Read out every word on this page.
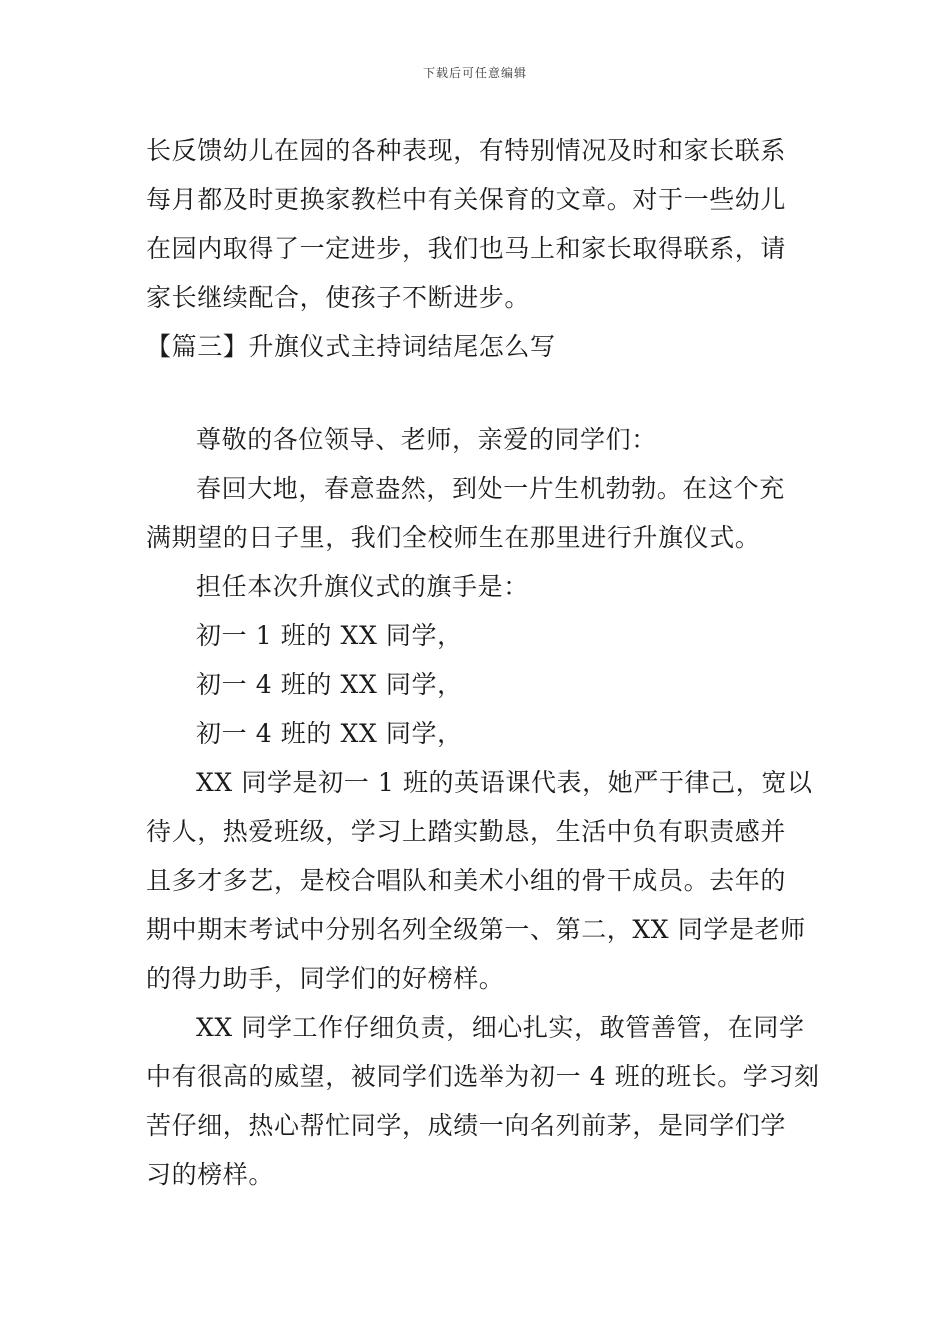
下载后可任意编辑
长反馈幼儿在园的各种表现，有特别情况及时和家长联系
每月都及时更换家教栏中有关保育的文章。对于一些幼儿
在园内取得了一定进步，我们也马上和家长取得联系，请
家长继续配合，使孩子不断进步。
【篇三】升旗仪式主持词结尾怎么写
尊敬的各位领导、老师，亲爱的同学们：
春回大地，春意盎然，到处一片生机勃勃。在这个充
满期望的日子里，我们全校师生在那里进行升旗仪式。
担任本次升旗仪式的旗手是：
初一 1 班的 XX 同学，
初一 4 班的 XX 同学，
初一 4 班的 XX 同学，
XX 同学是初一 1 班的英语课代表，她严于律己，宽以
待人，热爱班级，学习上踏实勤恳，生活中负有职责感并
且多才多艺，是校合唱队和美术小组的骨干成员。去年的
期中期末考试中分别名列全级第一、第二，XX 同学是老师
的得力助手，同学们的好榜样。
XX 同学工作仔细负责，细心扎实，敢管善管，在同学
中有很高的威望，被同学们选举为初一 4 班的班长。学习刻
苦仔细，热心帮忙同学，成绩一向名列前茅，是同学们学
习的榜样。
